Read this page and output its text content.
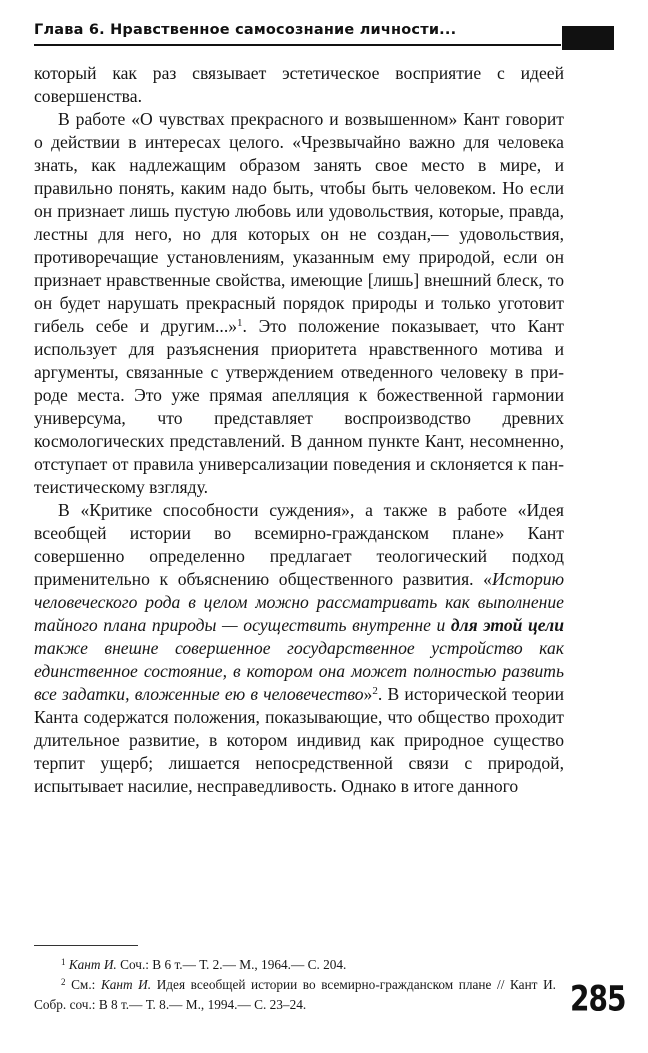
Глава 6. Нравственное самосознание личности...

который как раз связывает эстетическое восприятие с идеей совершенства.

В работе «О чувствах прекрасного и возвышенном» Кант говорит о действии в интересах целого. «Чрезвычайно важно для человека знать, как надлежащим образом занять свое место в мире, и правильно понять, каким надо быть, чтобы быть человеком. Но если он признает лишь пустую любовь или удовольствия, которые, правда, лестны для него, но для которых он не создан,— удовольствия, противоречащие установлениям, указанным ему природой, если он признает нравственные свойства, имеющие [лишь] внешний блеск, то он будет нарушать прекрасный порядок природы и только уготовит гибель себе и другим...»$^1$. Это положение показывает, что Кант использует для разъяснения приоритета нравственного мотива и аргументы, связанные с утверждением отведенного человеку в природе места. Это уже прямая апелляция к божественной гармонии универсума, что представляет воспроизводство древних космологических представлений. В данном пункте Кант, несомненно, отступает от правила универсализации поведения и склоняется к пантеистическому взгляду.

В «Критике способности суждения», а также в работе «Идея всеобщей истории во всемирно-гражданском плане» Кант совершенно определенно предлагает теологический подход применительно к объяснению общественного развития. «Историю человеческого рода в целом можно рассматривать как выполнение тайного плана природы — осуществить внутренне и для этой цели также внешне совершенное государственное устройство как единственное состояние, в котором она может полностью развить все задатки, вложенные ею в человечество»$^2$. В исторической теории Канта содержатся положения, показывающие, что общество проходит длительное развитие, в котором индивид как природное существо терпит ущерб; лишается непосредственной связи с природой, испытывает насилие, несправедливость. Однако в итоге данного

$^1$ Кант И. Соч.: В 6 т.— Т. 2.— М., 1964.— С. 204.

$^2$ См.: Кант И. Идея всеобщей истории во всемирно-гражданском плане // Кант И. Собр. соч.: В 8 т.— Т. 8.— М., 1994.— С. 23–24.	285
